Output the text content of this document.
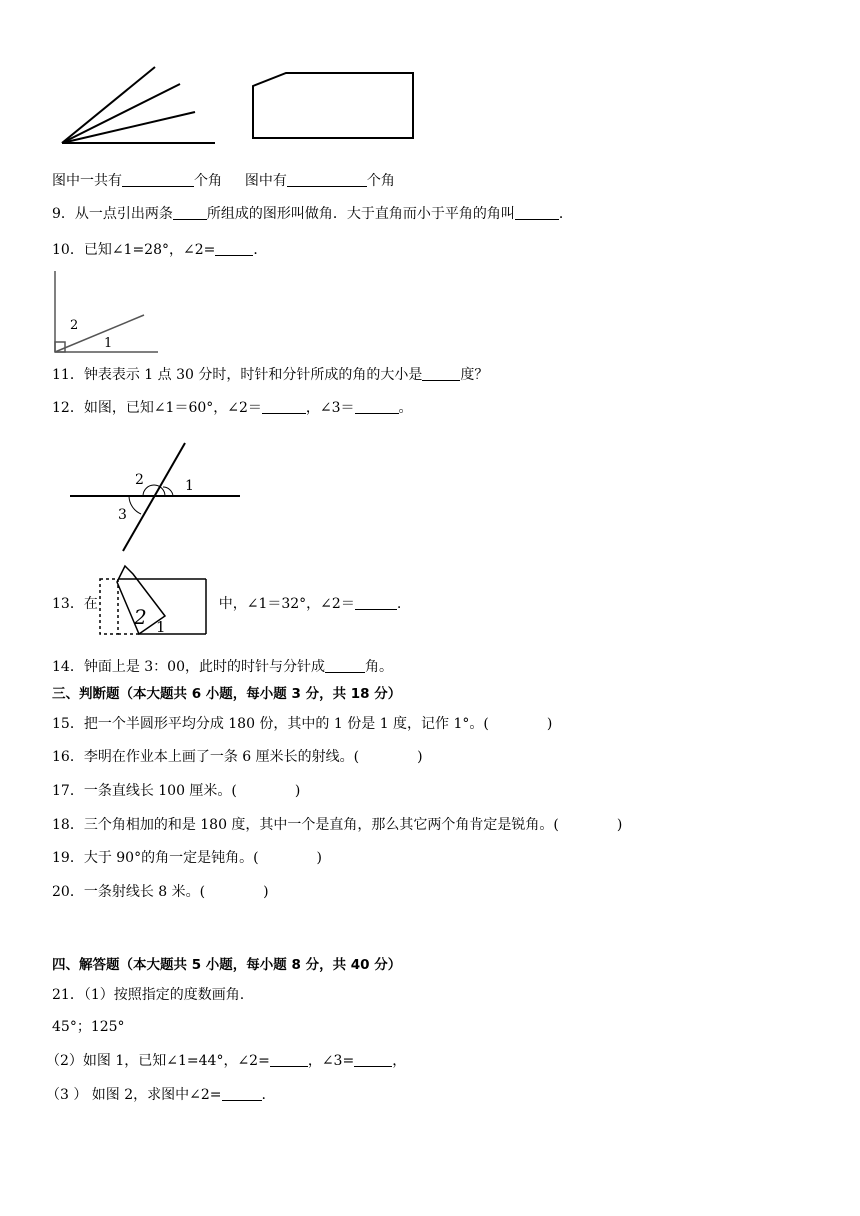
图中一共有	个角 图中有	个角
9．从一点引出两条 所组成的图形叫做角．大于直角而小于平角的角叫	．
10．已知∠1=28°，∠2=	．
2
1
11．钟表表示 1 点 30 分时，时针和分针所成的角的大小是	度？
12．如图，已知∠1＝60°，∠2＝	，∠3＝	。
2	1
3
13．在	中，∠1＝32°，∠2＝	.
2 1
14．钟面上是 3：00，此时的时针与分针成	角。
三、判断题（本大题共 6 小题，每小题 3 分，共 18 分）
15．把一个半圆形平均分成 180 份，其中的 1 份是 1 度，记作 1°。(	)
16．李明在作业本上画了一条 6 厘米长的射线。(	)
17．一条直线长 100 厘米。(	)
18．三个角相加的和是 180 度，其中一个是直角，那么其它两个角肯定是锐角。(	)
19．大于 90°的角一定是钝角。(	)
20．一条射线长 8 米。(	)
四、解答题（本大题共 5 小题，每小题 8 分，共 40 分）
21．（1）按照指定的度数画角.
45°；125°
（2）如图 1，已知∠1=44°，∠2=	，∠3=	，
（3 ） 如图 2，求图中∠2=	.
